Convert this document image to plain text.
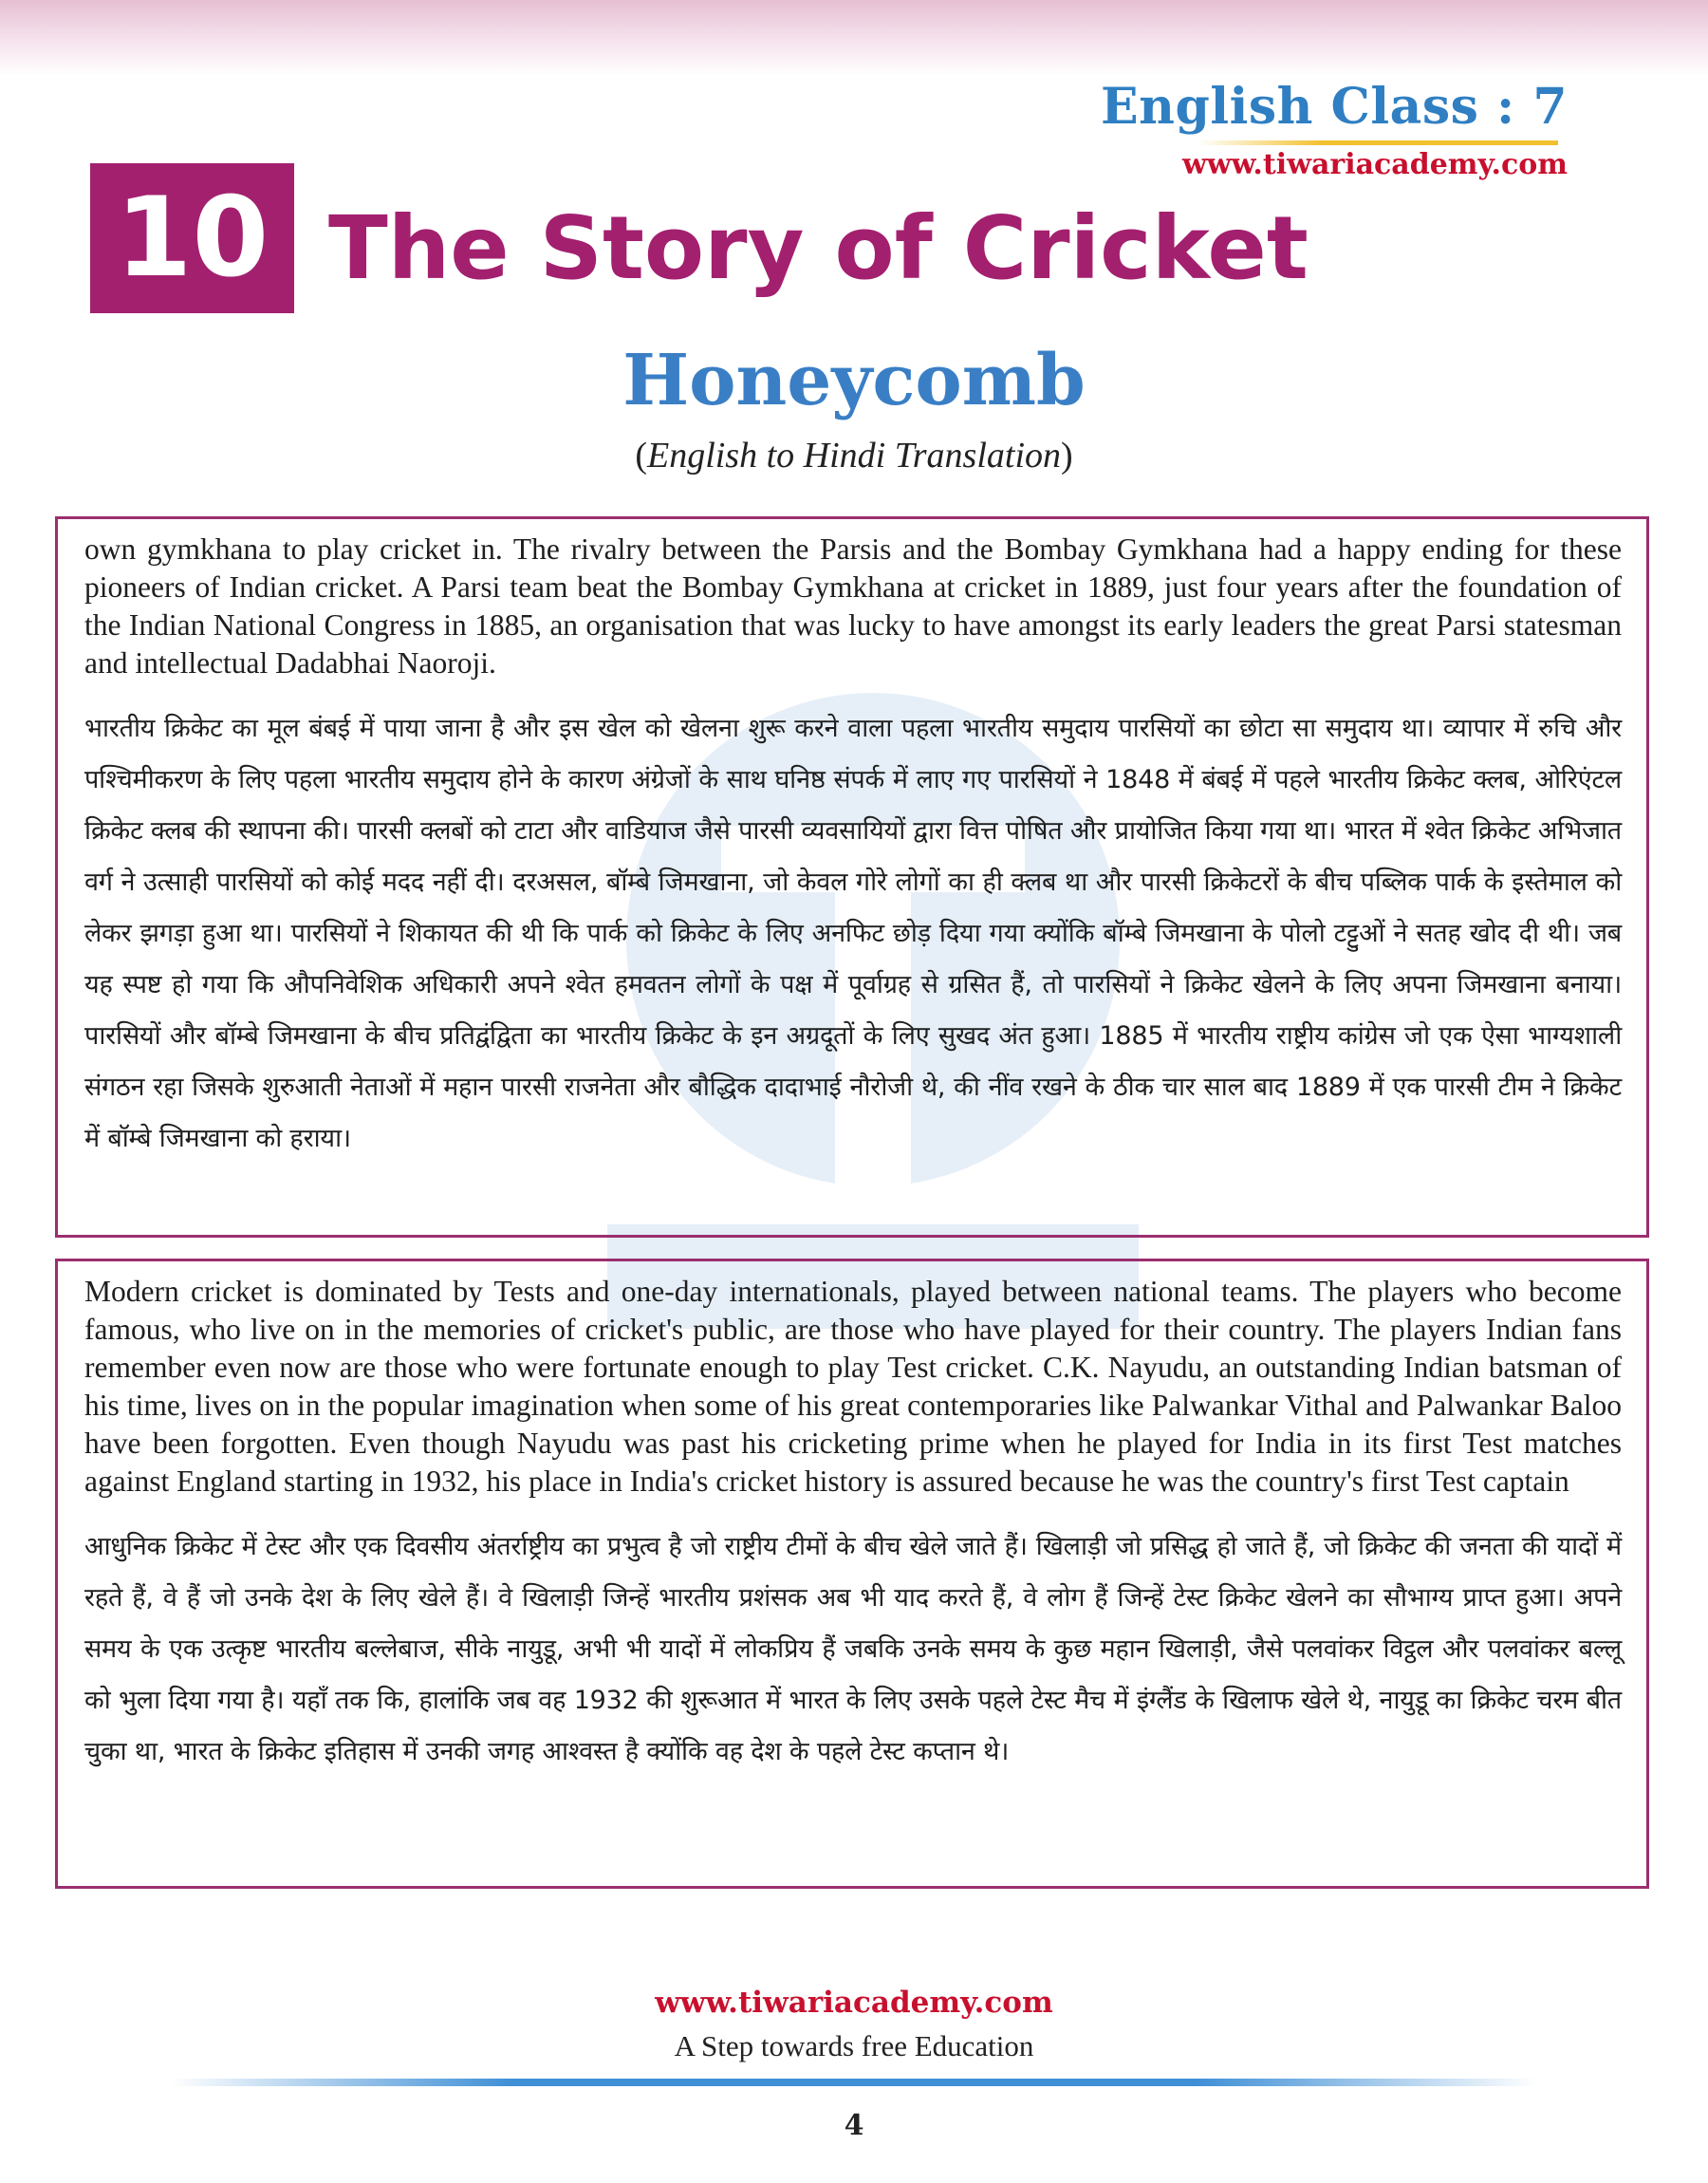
English Class : 7
www.tiwariacademy.com
10 The Story of Cricket
Honeycomb
(English to Hindi Translation)

own gymkhana to play cricket in. The rivalry between the Parsis and the Bombay Gymkhana had a happy ending for these pioneers of Indian cricket. A Parsi team beat the Bombay Gymkhana at cricket in 1889, just four years after the foundation of the Indian National Congress in 1885, an organisation that was lucky to have amongst its early leaders the great Parsi statesman and intellectual Dadabhai Naoroji.

भारतीय क्रिकेट का मूल बंबई में पाया जाना है और इस खेल को खेलना शुरू करने वाला पहला भारतीय समुदाय पारसियों का छोटा सा समुदाय था। व्यापार में रुचि और पश्चिमीकरण के लिए पहला भारतीय समुदाय होने के कारण अंग्रेजों के साथ घनिष्ठ संपर्क में लाए गए पारसियों ने 1848 में बंबई में पहले भारतीय क्रिकेट क्लब, ओरिएंटल क्रिकेट क्लब की स्थापना की। पारसी क्लबों को टाटा और वाडियाज जैसे पारसी व्यवसायियों द्वारा वित्त पोषित और प्रायोजित किया गया था। भारत में श्वेत क्रिकेट अभिजात वर्ग ने उत्साही पारसियों को कोई मदद नहीं दी। दरअसल, बॉम्बे जिमखाना, जो केवल गोरे लोगों का ही क्लब था और पारसी क्रिकेटरों के बीच पब्लिक पार्क के इस्तेमाल को लेकर झगड़ा हुआ था। पारसियों ने शिकायत की थी कि पार्क को क्रिकेट के लिए अनफिट छोड़ दिया गया क्योंकि बॉम्बे जिमखाना के पोलो टट्टुओं ने सतह खोद दी थी। जब यह स्पष्ट हो गया कि औपनिवेशिक अधिकारी अपने श्वेत हमवतन लोगों के पक्ष में पूर्वाग्रह से ग्रसित हैं, तो पारसियों ने क्रिकेट खेलने के लिए अपना जिमखाना बनाया। पारसियों और बॉम्बे जिमखाना के बीच प्रतिद्वंद्विता का भारतीय क्रिकेट के इन अग्रदूतों के लिए सुखद अंत हुआ। 1885 में भारतीय राष्ट्रीय कांग्रेस जो एक ऐसा भाग्यशाली संगठन रहा जिसके शुरुआती नेताओं में महान पारसी राजनेता और बौद्धिक दादाभाई नौरोजी थे, की नींव रखने के ठीक चार साल बाद 1889 में एक पारसी टीम ने क्रिकेट में बॉम्बे जिमखाना को हराया।

Modern cricket is dominated by Tests and one-day internationals, played between national teams. The players who become famous, who live on in the memories of cricket's public, are those who have played for their country. The players Indian fans remember even now are those who were fortunate enough to play Test cricket. C.K. Nayudu, an outstanding Indian batsman of his time, lives on in the popular imagination when some of his great contemporaries like Palwankar Vithal and Palwankar Baloo have been forgotten. Even though Nayudu was past his cricketing prime when he played for India in its first Test matches against England starting in 1932, his place in India's cricket history is assured because he was the country's first Test captain

आधुनिक क्रिकेट में टेस्ट और एक दिवसीय अंतर्राष्ट्रीय का प्रभुत्व है जो राष्ट्रीय टीमों के बीच खेले जाते हैं। खिलाड़ी जो प्रसिद्ध हो जाते हैं, जो क्रिकेट की जनता की यादों में रहते हैं, वे हैं जो उनके देश के लिए खेले हैं। वे खिलाड़ी जिन्हें भारतीय प्रशंसक अब भी याद करते हैं, वे लोग हैं जिन्हें टेस्ट क्रिकेट खेलने का सौभाग्य प्राप्त हुआ। अपने समय के एक उत्कृष्ट भारतीय बल्लेबाज, सीके नायुडू, अभी भी यादों में लोकप्रिय हैं जबकि उनके समय के कुछ महान खिलाड़ी, जैसे पलवांकर विट्ठल और पलवांकर बल्लू को भुला दिया गया है। यहाँ तक कि, हालांकि जब वह 1932 की शुरूआत में भारत के लिए उसके पहले टेस्ट मैच में इंग्लैंड के खिलाफ खेले थे, नायुडू का क्रिकेट चरम बीत चुका था, भारत के क्रिकेट इतिहास में उनकी जगह आश्वस्त है क्योंकि वह देश के पहले टेस्ट कप्तान थे।

www.tiwariacademy.com
A Step towards free Education
4
